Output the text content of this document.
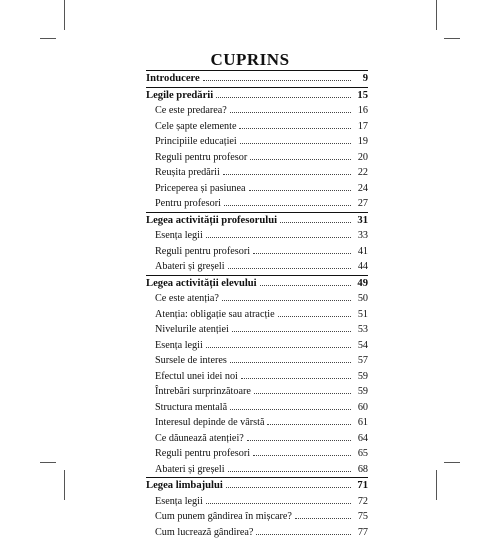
CUPRINS
Introducere	9
Legile predării	15
Ce este predarea?	16
Cele șapte elemente	17
Principiile educației	19
Reguli pentru profesor	20
Reușita predării	22
Priceperea și pasiunea	24
Pentru profesori	27
Legea activității profesorului	31
Esența legii	33
Reguli pentru profesori	41
Abateri și greșeli	44
Legea activității elevului	49
Ce este atenția?	50
Atenția: obligație sau atracție	51
Nivelurile atenției	53
Esența legii	54
Sursele de interes	57
Efectul unei idei noi	59
Întrebări surprinzătoare	59
Structura mentală	60
Interesul depinde de vârstă	61
Ce dăunează atenției?	64
Reguli pentru profesori	65
Abateri și greșeli	68
Legea limbajului	71
Esența legii	72
Cum punem gândirea în mișcare?	75
Cum lucrează gândirea?	77
